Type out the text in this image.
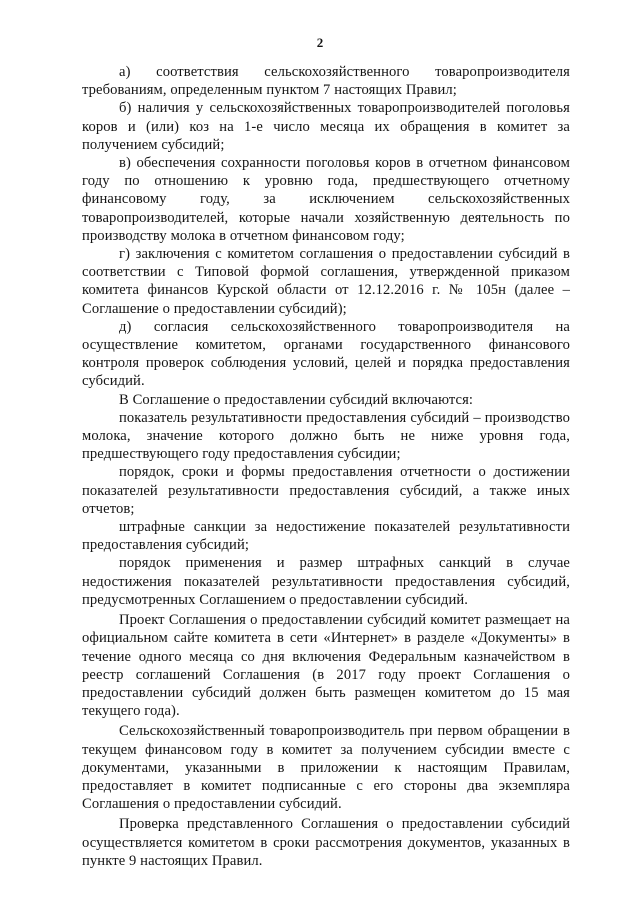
2

а) соответствия сельскохозяйственного товаропроизводителя требованиям, определенным пунктом 7 настоящих Правил;

б) наличия у сельскохозяйственных товаропроизводителей поголовья коров и (или) коз на 1-е число месяца их обращения в комитет за получением субсидий;

в) обеспечения сохранности поголовья коров в отчетном финансовом году по отношению к уровню года, предшествующего отчетному финансовому году, за исключением сельскохозяйственных товаропроизводителей, которые начали хозяйственную деятельность по производству молока в отчетном финансовом году;

г) заключения с комитетом соглашения о предоставлении субсидий в соответствии с Типовой формой соглашения, утвержденной приказом комитета финансов Курской области от 12.12.2016 г. № 105н (далее – Соглашение о предоставлении субсидий);

д) согласия сельскохозяйственного товаропроизводителя на осуществление комитетом, органами государственного финансового контроля проверок соблюдения условий, целей и порядка предоставления субсидий.

В Соглашение о предоставлении субсидий включаются:

показатель результативности предоставления субсидий – производство молока, значение которого должно быть не ниже уровня года, предшествующего году предоставления субсидии;

порядок, сроки и формы предоставления отчетности о достижении показателей результативности предоставления субсидий, а также иных отчетов;

штрафные санкции за недостижение показателей результативности предоставления субсидий;

порядок применения и размер штрафных санкций в случае недостижения показателей результативности предоставления субсидий, предусмотренных Соглашением о предоставлении субсидий.

Проект Соглашения о предоставлении субсидий комитет размещает на официальном сайте комитета в сети «Интернет» в разделе «Документы» в течение одного месяца со дня включения Федеральным казначейством в реестр соглашений Соглашения (в 2017 году проект Соглашения о предоставлении субсидий должен быть размещен комитетом до 15 мая текущего года).

Сельскохозяйственный товаропроизводитель при первом обращении в текущем финансовом году в комитет за получением субсидии вместе с документами, указанными в приложении к настоящим Правилам, предоставляет в комитет подписанные с его стороны два экземпляра Соглашения о предоставлении субсидий.

Проверка представленного Соглашения о предоставлении субсидий осуществляется комитетом в сроки рассмотрения документов, указанных в пункте 9 настоящих Правил.
